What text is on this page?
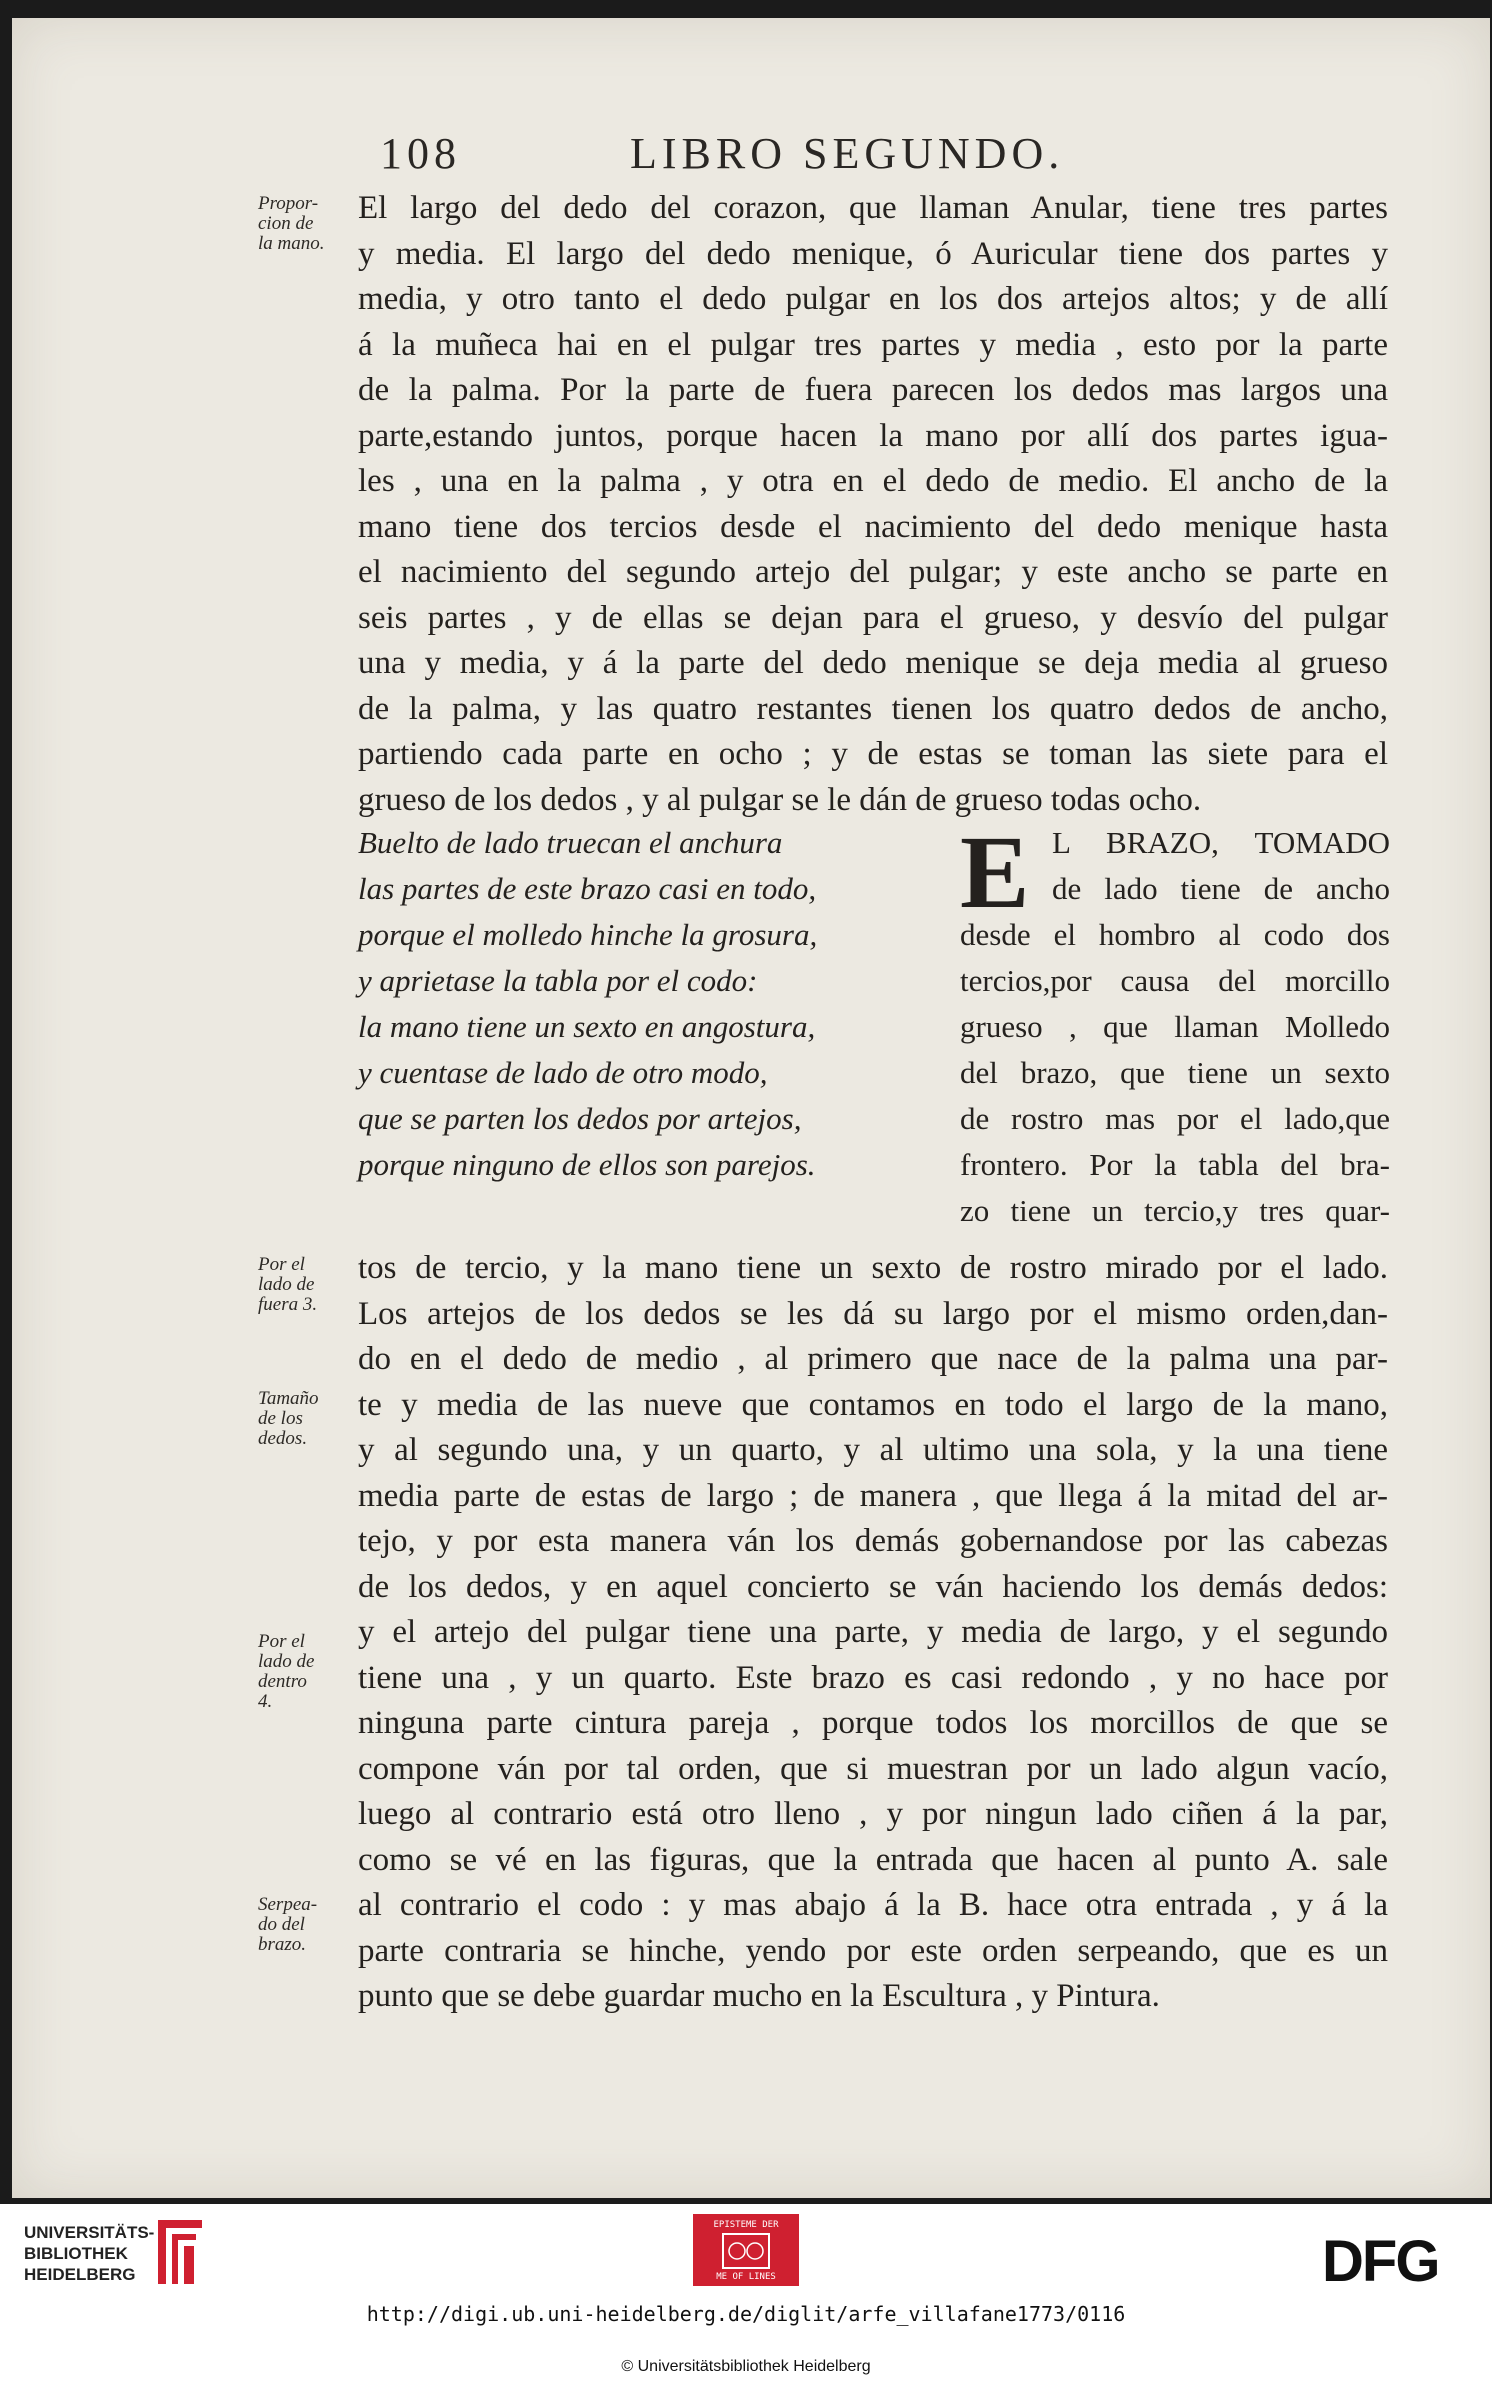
108	LIBRO SEGUNDO.
Propor-
cion de
la mano.
Por el
lado de
fuera 3.
Tamaño
de los
dedos.
Por el
lado de
dentro
4.
Serpea-
do del
brazo.
El largo del dedo del corazon, que llaman Anular, tiene tres partes
y media. El largo del dedo menique, ó Auricular tiene dos partes y
media, y otro tanto el dedo pulgar en los dos artejos altos; y de allí
á la muñeca hai en el pulgar tres partes y media , esto por la parte
de la palma. Por la parte de fuera parecen los dedos mas largos una
parte,estando juntos, porque hacen la mano por allí dos partes igua-
les , una en la palma , y otra en el dedo de medio. El ancho de la
mano tiene dos tercios desde el nacimiento del dedo menique hasta
el nacimiento del segundo artejo del pulgar; y este ancho se parte en
seis partes , y de ellas se dejan para el grueso, y desvío del pulgar
una y media, y á la parte del dedo menique se deja media al grueso
de la palma, y las quatro restantes tienen los quatro dedos de ancho,
partiendo cada parte en ocho ; y de estas se toman las siete para el
grueso de los dedos , y al pulgar se le dán de grueso todas ocho.
Buelto de lado truecan el anchura
las partes de este brazo casi en todo,
porque el molledo hinche la grosura,
y aprietase la tabla por el codo:
la mano tiene un sexto en angostura,
y cuentase de lado de otro modo,
que se parten los dedos por artejos,
porque ninguno de ellos son parejos.
E L BRAZO, TOMADO
de lado tiene de ancho
desde el hombro al codo dos
tercios,por causa del morcillo
grueso , que llaman Molledo
del brazo, que tiene un sexto
de rostro mas por el lado,que
frontero. Por la tabla del bra-
zo tiene un tercio,y tres quar-
tos de tercio, y la mano tiene un sexto de rostro mirado por el lado.
Los artejos de los dedos se les dá su largo por el mismo orden,dan-
do en el dedo de medio , al primero que nace de la palma una par-
te y media de las nueve que contamos en todo el largo de la mano,
y al segundo una, y un quarto, y al ultimo una sola, y la una tiene
media parte de estas de largo ; de manera , que llega á la mitad del ar-
tejo, y por esta manera ván los demás gobernandose por las cabezas
de los dedos, y en aquel concierto se ván haciendo los demás dedos:
y el artejo del pulgar tiene una parte, y media de largo, y el segundo
tiene una , y un quarto. Este brazo es casi redondo , y no hace por
ninguna parte cintura pareja , porque todos los morcillos de que se
compone ván por tal orden, que si muestran por un lado algun vacío,
luego al contrario está otro lleno , y por ningun lado ciñen á la par,
como se vé en las figuras, que la entrada que hacen al punto A. sale
al contrario el codo : y mas abajo á la B. hace otra entrada , y á la
parte contraria se hinche, yendo por este orden serpeando, que es un
punto que se debe guardar mucho en la Escultura , y Pintura.
UNIVERSITÄTS-
BIBLIOTHEK
HEIDELBERG
EPISTEME DER
ME OF LINES	DFG
http://digi.ub.uni-heidelberg.de/diglit/arfe_villafane1773/0116
© Universitätsbibliothek Heidelberg
